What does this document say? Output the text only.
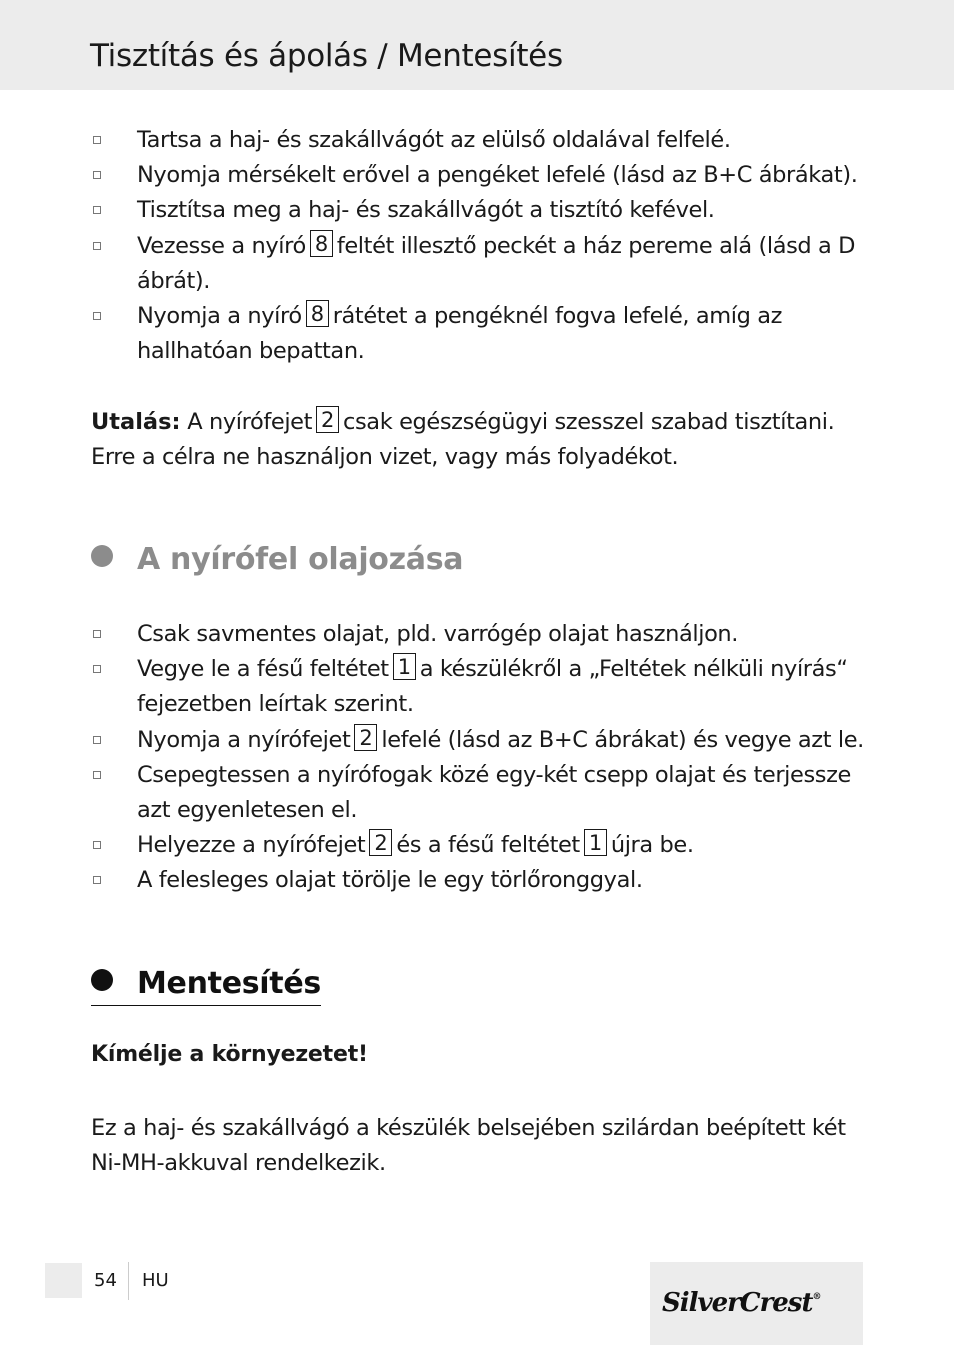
Tisztítás és ápolás / Mentesítés
Tartsa a haj- és szakállvágót az elülső oldalával felfelé.
Nyomja mérsékelt erővel a pengéket lefelé (lásd az B+C ábrákat).
Tisztítsa meg a haj- és szakállvágót a tisztító kefével.
Vezesse a nyíró 8 feltét illesztő peckét a ház pereme alá (lásd a D ábrát).
Nyomja a nyíró 8 rátétet a pengéknél fogva lefelé, amíg az hallhatóan bepattan.

Utalás: A nyírófejet 2 csak egészségügyi szesszel szabad tisztítani. Erre a célra ne használjon vizet, vagy más folyadékot.

A nyírófel olajozása
Csak savmentes olajat, pld. varrógép olajat használjon.
Vegye le a fésű feltétet 1 a készülékről a „Feltétek nélküli nyírás“ fejezetben leírtak szerint.
Nyomja a nyírófejet 2 lefelé (lásd az B+C ábrákat) és vegye azt le.
Csepegtessen a nyírófogak közé egy-két csepp olajat és terjessze azt egyenletesen el.
Helyezze a nyírófejet 2 és a fésű feltétet 1 újra be.
A felesleges olajat törölje le egy törlőronggyal.
Mentesítés
Kímélje a környezetet!

Ez a haj- és szakállvágó a készülék belsejében szilárdan beépített két Ni-MH-akkuval rendelkezik.

54 HU
SilverCrest®
